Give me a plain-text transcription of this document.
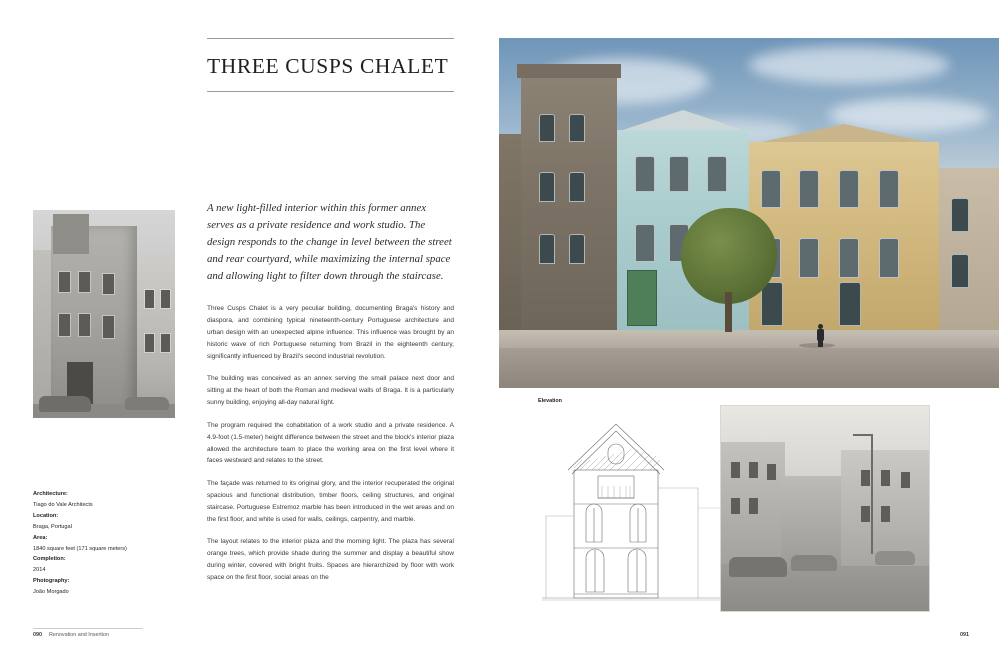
THREE CUSPS CHALET
Architecture:
Tiago do Vale Architects
Location:
Braga, Portugal
Area:
1840 square feet (171 square meters)
Completion:
2014
Photography:
João Morgado
A new light-filled interior within this former annex serves as a private residence and work studio. The design responds to the change in level between the street and rear courtyard, while maximizing the internal space and allowing light to filter down through the staircase.
Three Cusps Chalet is a very peculiar building, documenting Braga's history and diaspora, and combining typical nineteenth-century Portuguese architecture and urban design with an unexpected alpine influence. This influence was brought by an historic wave of rich Portuguese returning from Brazil in the eighteenth century, significantly influenced by Brazil's second industrial revolution.
The building was conceived as an annex serving the small palace next door and sitting at the heart of both the Roman and medieval walls of Braga. It is a particularly sunny building, enjoying all-day natural light.
The program required the cohabitation of a work studio and a private residence. A 4.9-foot (1.5-meter) height difference between the street and the block's interior plaza allowed the architecture team to place the working area on the first level where it faces westward and relates to the street.
The façade was returned to its original glory, and the interior recuperated the original spacious and functional distribution, timber floors, ceiling structures, and original staircase. Portuguese Estremoz marble has been introduced in the wet areas and on the first floor, and white is used for walls, ceilings, carpentry, and marble.
The layout relates to the interior plaza and the morning light. The plaza has several orange trees, which provide shade during the summer and display a beautiful show during winter, covered with bright fruits. Spaces are hierarchized by floor with work space on the first floor, social areas on the
090 Renovation and Insertion
Elevation
091
